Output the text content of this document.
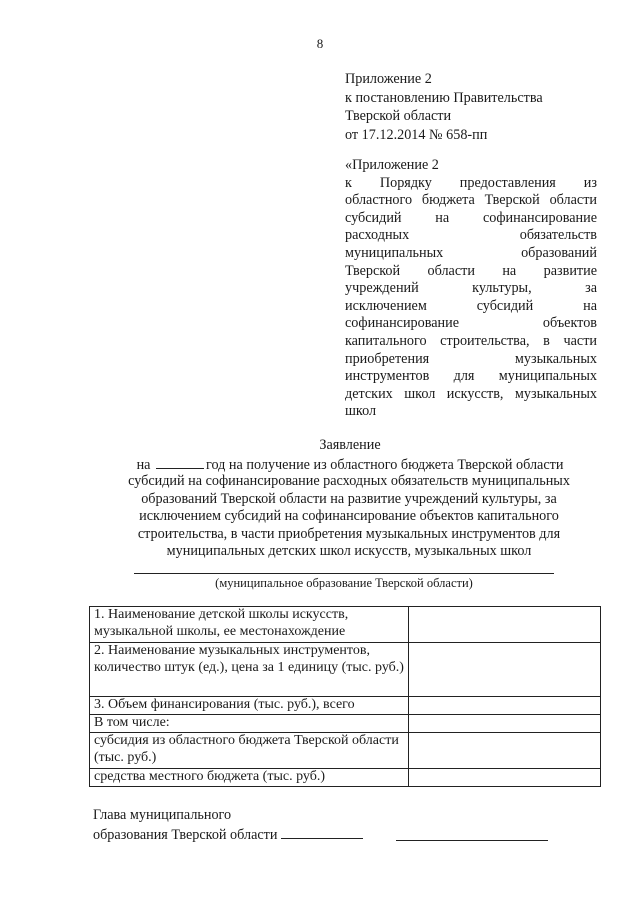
8
Приложение 2
к постановлению Правительства
Тверской области
от 17.12.2014 № 658-пп
«Приложение 2
к Порядку предоставления из
областного бюджета Тверской области
субсидий на софинансирование
расходных обязательств
муниципальных образований
Тверской области на развитие
учреждений культуры, за
исключением субсидий на
софинансирование объектов
капитального строительства, в части
приобретения музыкальных
инструментов для муниципальных
детских школ искусств, музыкальных
школ
Заявление
на	год на получение из областного бюджета Тверской области
субсидий на софинансирование расходных обязательств муниципальных
образований Тверской области на развитие учреждений культуры, за
исключением субсидий на софинансирование объектов капитального
строительства, в части приобретения музыкальных инструментов для
муниципальных детских школ искусств, музыкальных школ
(муниципальное образование Тверской области)
1. Наименование детской школы искусств, музыкальной школы, ее местонахождение	
2. Наименование музыкальных инструментов, количество штук (ед.), цена за 1 единицу (тыс. руб.)	
3. Объем финансирования (тыс. руб.), всего	
В том числе:	
субсидия из областного бюджета Тверской области (тыс. руб.)	
средства местного бюджета (тыс. руб.)	
Глава муниципального
образования Тверской области
